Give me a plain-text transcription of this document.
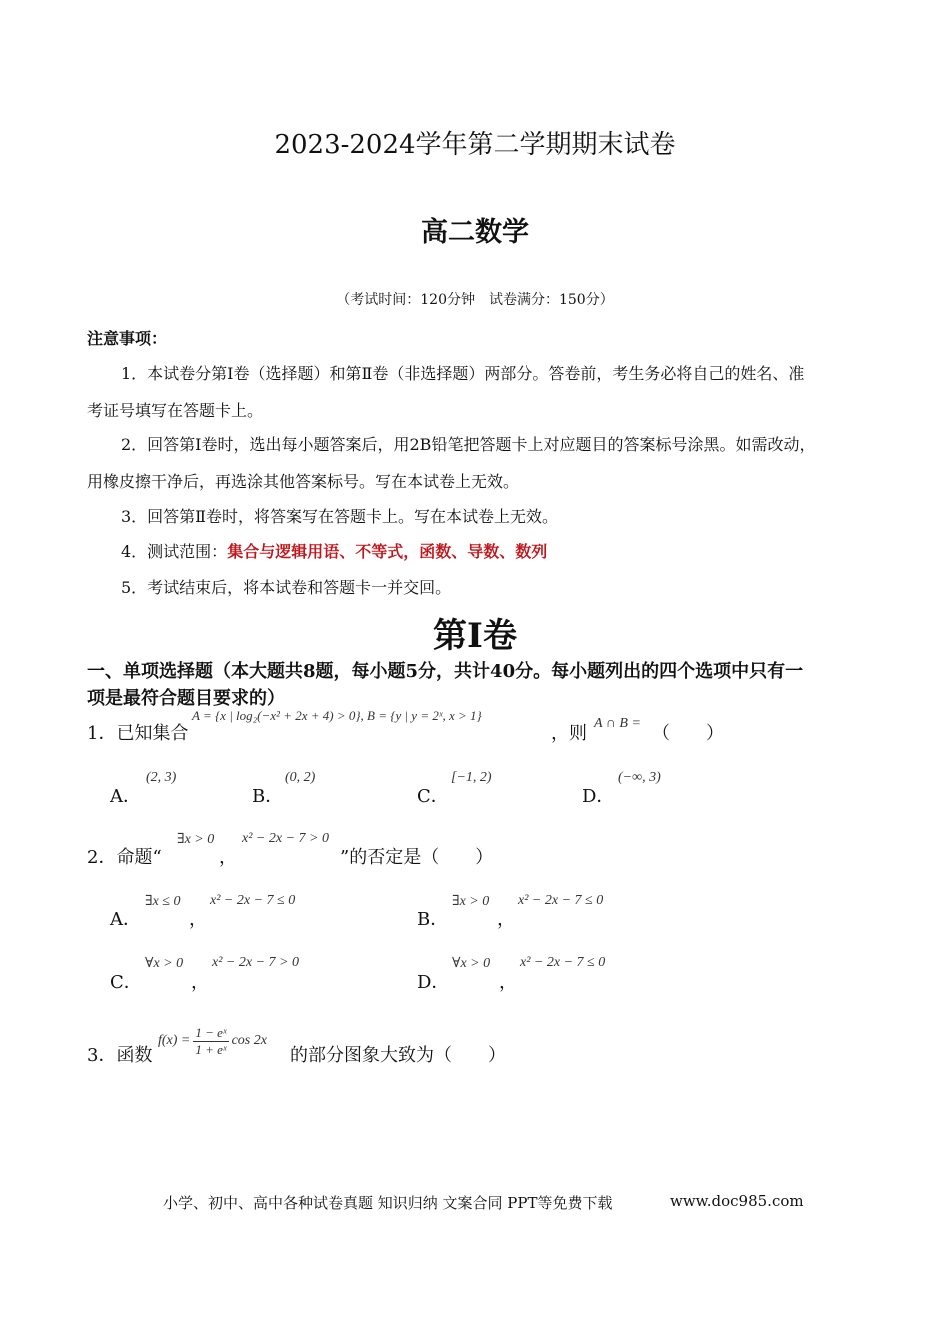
2023-2024学年第二学期期末试卷
高二数学
（考试时间：120分钟　试卷满分：150分）
注意事项：
1．本试卷分第Ⅰ卷（选择题）和第Ⅱ卷（非选择题）两部分。答卷前，考生务必将自己的姓名、准
考证号填写在答题卡上。
2．回答第Ⅰ卷时，选出每小题答案后，用2B铅笔把答题卡上对应题目的答案标号涂黑。如需改动，
用橡皮擦干净后，再选涂其他答案标号。写在本试卷上无效。
3．回答第Ⅱ卷时，将答案写在答题卡上。写在本试卷上无效。
4．测试范围：集合与逻辑用语、不等式，函数、导数、数列
5．考试结束后，将本试卷和答题卡一并交回。
第Ⅰ卷
一、单项选择题（本大题共8题，每小题5分，共计40分。每小题列出的四个选项中只有一
项是最符合题目要求的）
1．已知集合
A = {x | log₂(−x² + 2x + 4) > 0}, B = {y | y = 2ˣ, x > 1}
，则 A ∩ B = （　　）
A．
(2, 3)
B．
(0, 2)
C．
[−1, 2)
D．
(−∞, 3)
2．命题“
∃x > 0
，
x² − 2x − 7 > 0
”的否定是（　　）
A．
∃x ≤ 0
，
x² − 2x − 7 ≤ 0
B．
∃x > 0
，
x² − 2x − 7 ≤ 0
C．
∀x > 0
，
x² − 2x − 7 > 0
D．
∀x > 0
，
x² − 2x − 7 ≤ 0
3．函数
$f(x) = \frac{\text{1 − eˣ}}{\text{1 + eˣ}}$ cos 2x
的部分图象大致为（　　）
小学、初中、高中各种试卷真题 知识归纳 文案合同 PPT等免费下载	www.doc985.com
